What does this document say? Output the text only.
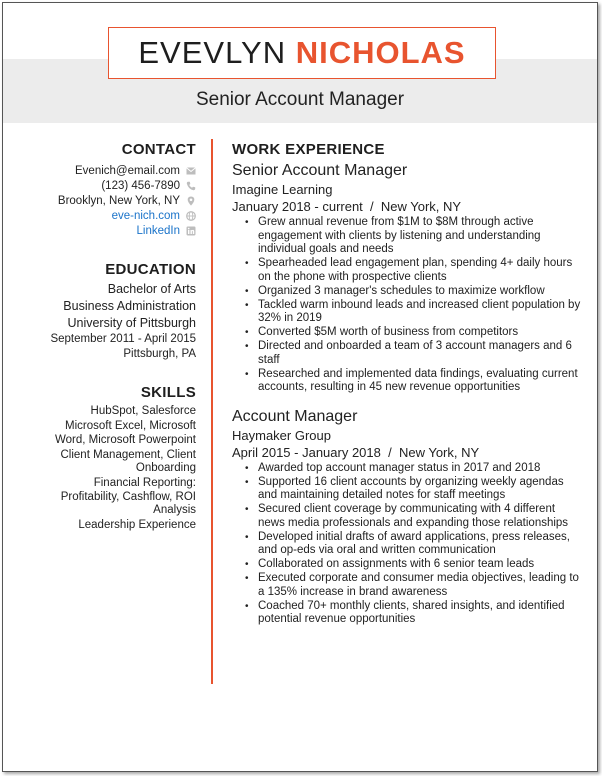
EVEVLYN NICHOLAS
Senior Account Manager
CONTACT
Evenich@email.com
(123) 456-7890
Brooklyn, New York, NY
eve-nich.com
LinkedIn
EDUCATION
Bachelor of Arts
Business Administration
University of Pittsburgh
September 2011 - April 2015
Pittsburgh, PA
SKILLS
HubSpot, Salesforce
Microsoft Excel, Microsoft Word, Microsoft Powerpoint
Client Management, Client Onboarding
Financial Reporting: Profitability, Cashflow, ROI Analysis
Leadership Experience
WORK EXPERIENCE
Senior Account Manager
Imagine Learning
January 2018 - current  /  New York, NY
• Grew annual revenue from $1M to $8M through active engagement with clients by listening and understanding individual goals and needs
• Spearheaded lead engagement plan, spending 4+ daily hours on the phone with prospective clients
• Organized 3 manager's schedules to maximize workflow
• Tackled warm inbound leads and increased client population by 32% in 2019
• Converted $5M worth of business from competitors
• Directed and onboarded a team of 3 account managers and 6 staff
• Researched and implemented data findings, evaluating current accounts, resulting in 45 new revenue opportunities
Account Manager
Haymaker Group
April 2015 - January 2018  /  New York, NY
• Awarded top account manager status in 2017 and 2018
• Supported 16 client accounts by organizing weekly agendas and maintaining detailed notes for staff meetings
• Secured client coverage by communicating with 4 different news media professionals and expanding those relationships
• Developed initial drafts of award applications, press releases, and op-eds via oral and written communication
• Collaborated on assignments with 6 senior team leads
• Executed corporate and consumer media objectives, leading to a 135% increase in brand awareness
• Coached 70+ monthly clients, shared insights, and identified potential revenue opportunities
